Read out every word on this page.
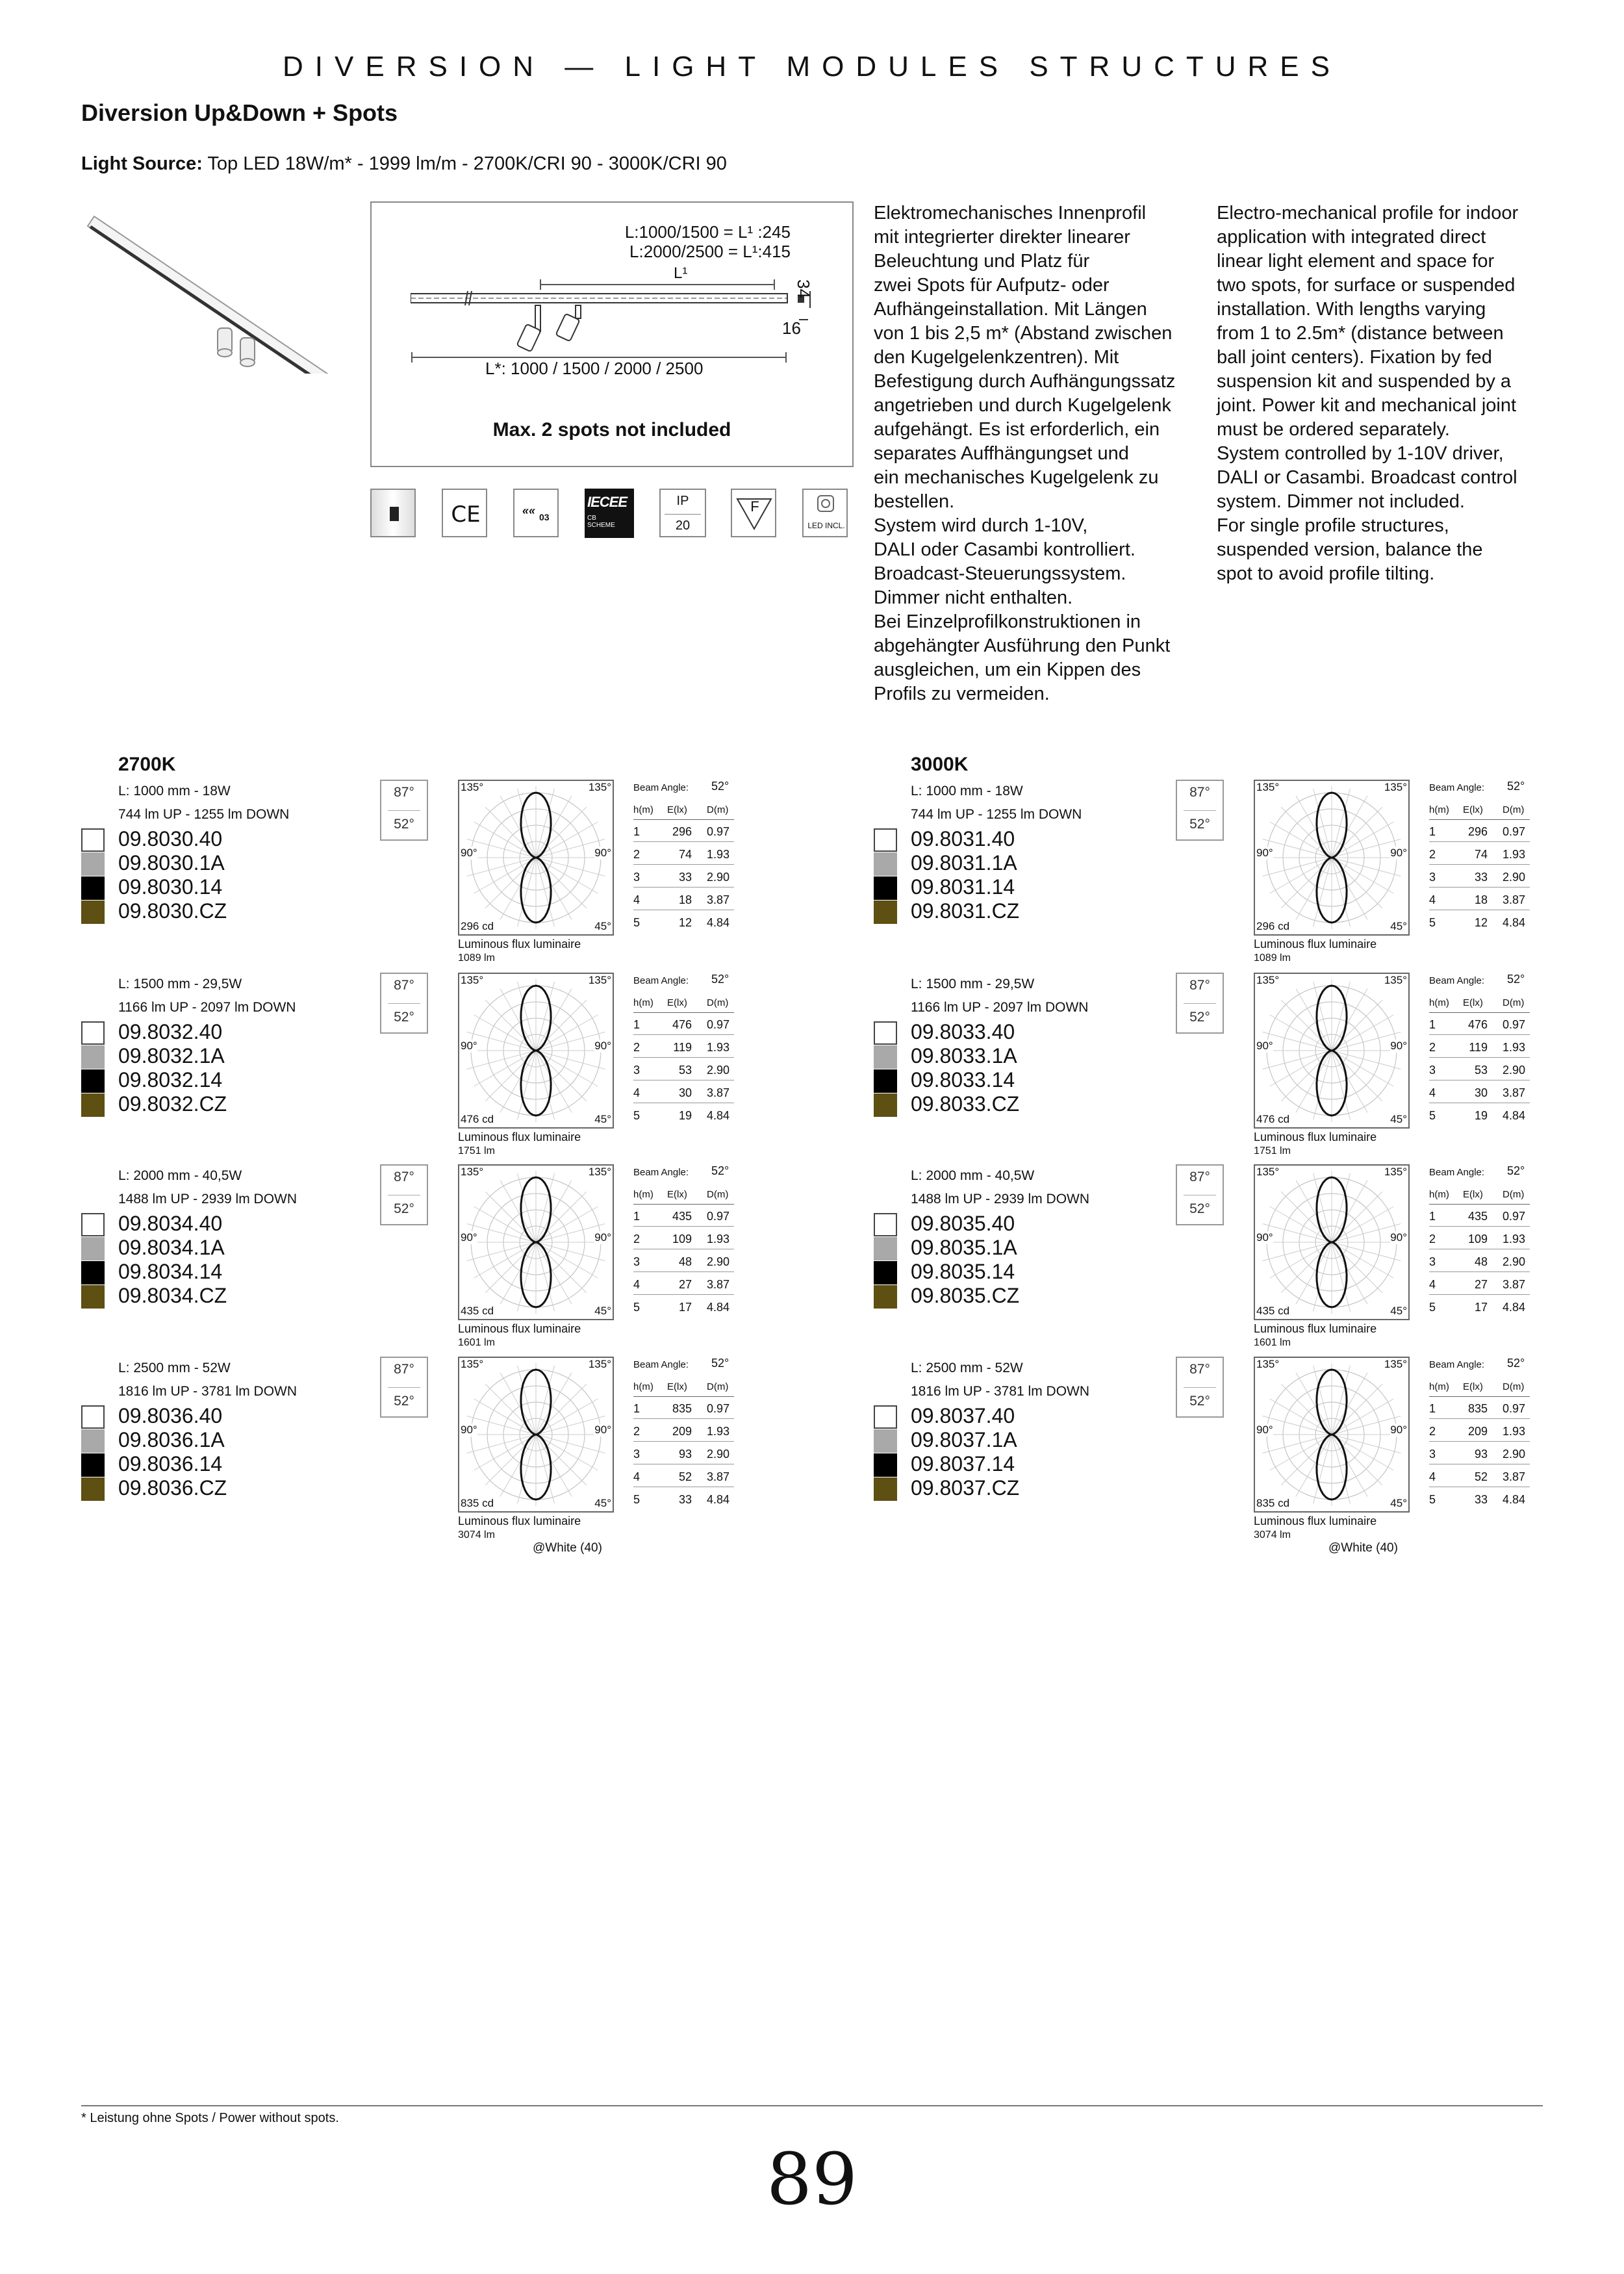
DIVERSION — LIGHT MODULES STRUCTURES
Diversion Up&Down + Spots
Light Source: Top LED 18W/m* - 1999 lm/m - 2700K/CRI 90 - 3000K/CRI 90
L:1000/1500 = L¹ :245
L:2000/2500 = L¹:415
L¹
34
16
L*: 1000 / 1500 / 2000 / 2500
Max. 2 spots not included
CE	«« 03
IECEE
CB SCHEME
IP
20
F
LED INCL.
Elektromechanisches Innenprofil
mit integrierter direkter linearer
Beleuchtung und Platz für
zwei Spots für Aufputz- oder
Aufhängeinstallation. Mit Längen
von 1 bis 2,5 m* (Abstand zwischen
den Kugelgelenkzentren). Mit
Befestigung durch Aufhängungssatz
angetrieben und durch Kugelgelenk
aufgehängt. Es ist erforderlich, ein
separates Auffhängungset und
ein mechanisches Kugelgelenk zu
bestellen.
System wird durch 1-10V,
DALI oder Casambi kontrolliert.
Broadcast-Steuerungssystem.
Dimmer nicht enthalten.
Bei Einzelprofilkonstruktionen in
abgehängter Ausführung den Punkt
ausgleichen, um ein Kippen des
Profils zu vermeiden.
Electro-mechanical profile for indoor
application with integrated direct
linear light element and space for
two spots, for surface or suspended
installation. With lengths varying
from 1 to 2.5m* (distance between
ball joint centers). Fixation by fed
suspension kit and suspended by a
joint. Power kit and mechanical joint
must be ordered separately.
System controlled by 1-10V driver,
DALI or Casambi. Broadcast control
system. Dimmer not included.
For single profile structures,
suspended version, balance the
spot to avoid profile tilting.
2700K
L: 1000 mm - 18W
744 lm UP - 1255 lm DOWN
09.8030.40
09.8030.1A
09.8030.14
09.8030.CZ
87°
52°
135°	135°
90°	90°
296 cd	45°
Luminous flux luminaire
1089 lm
Beam Angle: 52°
h(m) E(lx) D(m)
1	296 0.97
2	74 1.93
3	33 2.90
4	18 3.87
5	12 4.84
L: 1500 mm - 29,5W
1166 lm UP - 2097 lm DOWN
09.8032.40
09.8032.1A
09.8032.14
09.8032.CZ
87°
52°
135°	135°
90°	90°
476 cd	45°
Luminous flux luminaire
1751 lm
Beam Angle: 52°
h(m) E(lx) D(m)
1	476 0.97
2	119 1.93
3	53 2.90
4	30 3.87
5	19 4.84
L: 2000 mm - 40,5W
1488 lm UP - 2939 lm DOWN
09.8034.40
09.8034.1A
09.8034.14
09.8034.CZ
87°
52°
135°	135°
90°	90°
435 cd	45°
Luminous flux luminaire
1601 lm
Beam Angle: 52°
h(m) E(lx) D(m)
1	435 0.97
2	109 1.93
3	48 2.90
4	27 3.87
5	17 4.84
L: 2500 mm - 52W
1816 lm UP - 3781 lm DOWN
09.8036.40
09.8036.1A
09.8036.14
09.8036.CZ
87°
52°
135°	135°
90°	90°
835 cd	45°
Luminous flux luminaire
3074 lm
Beam Angle: 52°
h(m) E(lx) D(m)
1	835 0.97
2	209 1.93
3	93 2.90
4	52 3.87
5	33 4.84
@White (40)
3000K
L: 1000 mm - 18W
744 lm UP - 1255 lm DOWN
09.8031.40
09.8031.1A
09.8031.14
09.8031.CZ
87°
52°
135°	135°
90°	90°
296 cd	45°
Luminous flux luminaire
1089 lm
Beam Angle: 52°
h(m) E(lx) D(m)
1	296 0.97
2	74 1.93
3	33 2.90
4	18 3.87
5	12 4.84
L: 1500 mm - 29,5W
1166 lm UP - 2097 lm DOWN
09.8033.40
09.8033.1A
09.8033.14
09.8033.CZ
87°
52°
135°	135°
90°	90°
476 cd	45°
Luminous flux luminaire
1751 lm
Beam Angle: 52°
h(m) E(lx) D(m)
1	476 0.97
2	119 1.93
3	53 2.90
4	30 3.87
5	19 4.84
L: 2000 mm - 40,5W
1488 lm UP - 2939 lm DOWN
09.8035.40
09.8035.1A
09.8035.14
09.8035.CZ
87°
52°
135°	135°
90°	90°
435 cd	45°
Luminous flux luminaire
1601 lm
Beam Angle: 52°
h(m) E(lx) D(m)
1	435 0.97
2	109 1.93
3	48 2.90
4	27 3.87
5	17 4.84
L: 2500 mm - 52W
1816 lm UP - 3781 lm DOWN
09.8037.40
09.8037.1A
09.8037.14
09.8037.CZ
87°
52°
135°	135°
90°	90°
835 cd	45°
Luminous flux luminaire
3074 lm
Beam Angle: 52°
h(m) E(lx) D(m)
1	835 0.97
2	209 1.93
3	93 2.90
4	52 3.87
5	33 4.84
@White (40)
* Leistung ohne Spots / Power without spots.
89
